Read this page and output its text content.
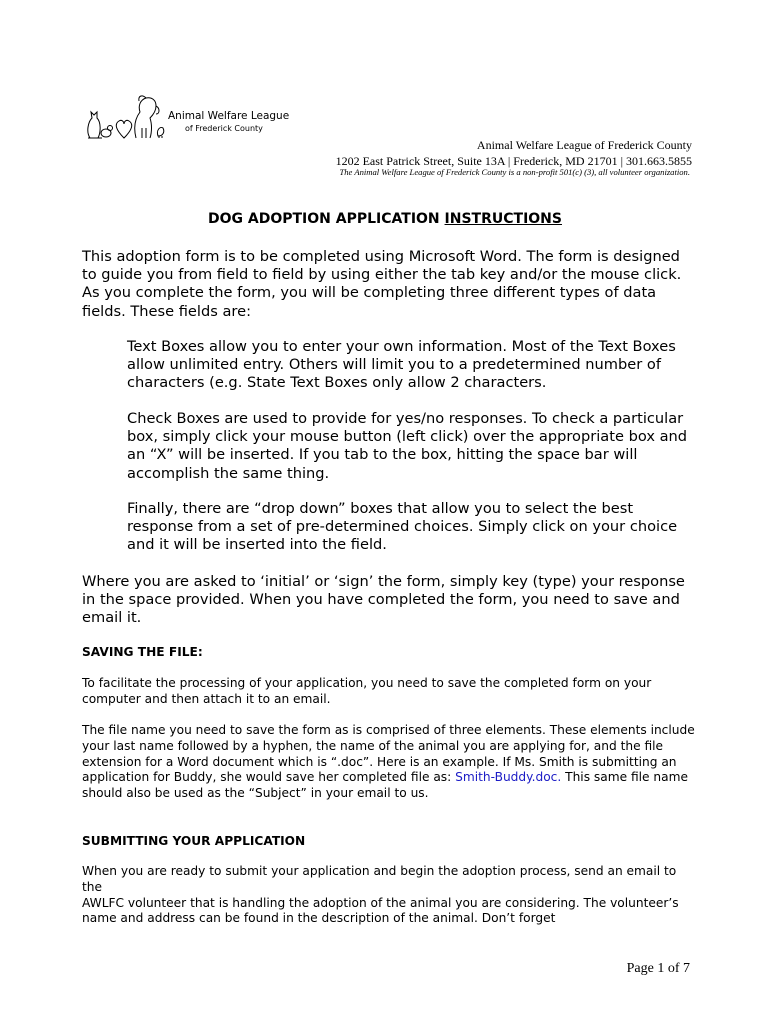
Animal Welfare League
of Frederick County
Animal Welfare League of Frederick County
1202 East Patrick Street, Suite 13A | Frederick, MD 21701 | 301.663.5855
The Animal Welfare League of Frederick County is a non-profit 501(c) (3), all volunteer organization.
DOG ADOPTION APPLICATION INSTRUCTIONS

This adoption form is to be completed using Microsoft Word. The form is designed to guide you from field to field by using either the tab key and/or the mouse click. As you complete the form, you will be completing three different types of data fields. These fields are:

Text Boxes allow you to enter your own information. Most of the Text Boxes allow unlimited entry. Others will limit you to a predetermined number of characters (e.g. State Text Boxes only allow 2 characters.

Check Boxes are used to provide for yes/no responses. To check a particular box, simply click your mouse button (left click) over the appropriate box and an “X” will be inserted. If you tab to the box, hitting the space bar will accomplish the same thing.

Finally, there are “drop down” boxes that allow you to select the best response from a set of pre-determined choices. Simply click on your choice and it will be inserted into the field.

Where you are asked to ‘initial’ or ‘sign’ the form, simply key (type) your response in the space provided. When you have completed the form, you need to save and email it.

SAVING THE FILE:

To facilitate the processing of your application, you need to save the completed form on your computer and then attach it to an email.

The file name you need to save the form as is comprised of three elements. These elements include your last name followed by a hyphen, the name of the animal you are applying for, and the file extension for a Word document which is “.doc”. Here is an example. If Ms. Smith is submitting an application for Buddy, she would save her completed file as: Smith-Buddy.doc. This same file name should also be used as the “Subject” in your email to us.

SUBMITTING YOUR APPLICATION

When you are ready to submit your application and begin the adoption process, send an email to the
AWLFC volunteer that is handling the adoption of the animal you are considering. The volunteer’s name and address can be found in the description of the animal. Don’t forget

Page 1 of 7
